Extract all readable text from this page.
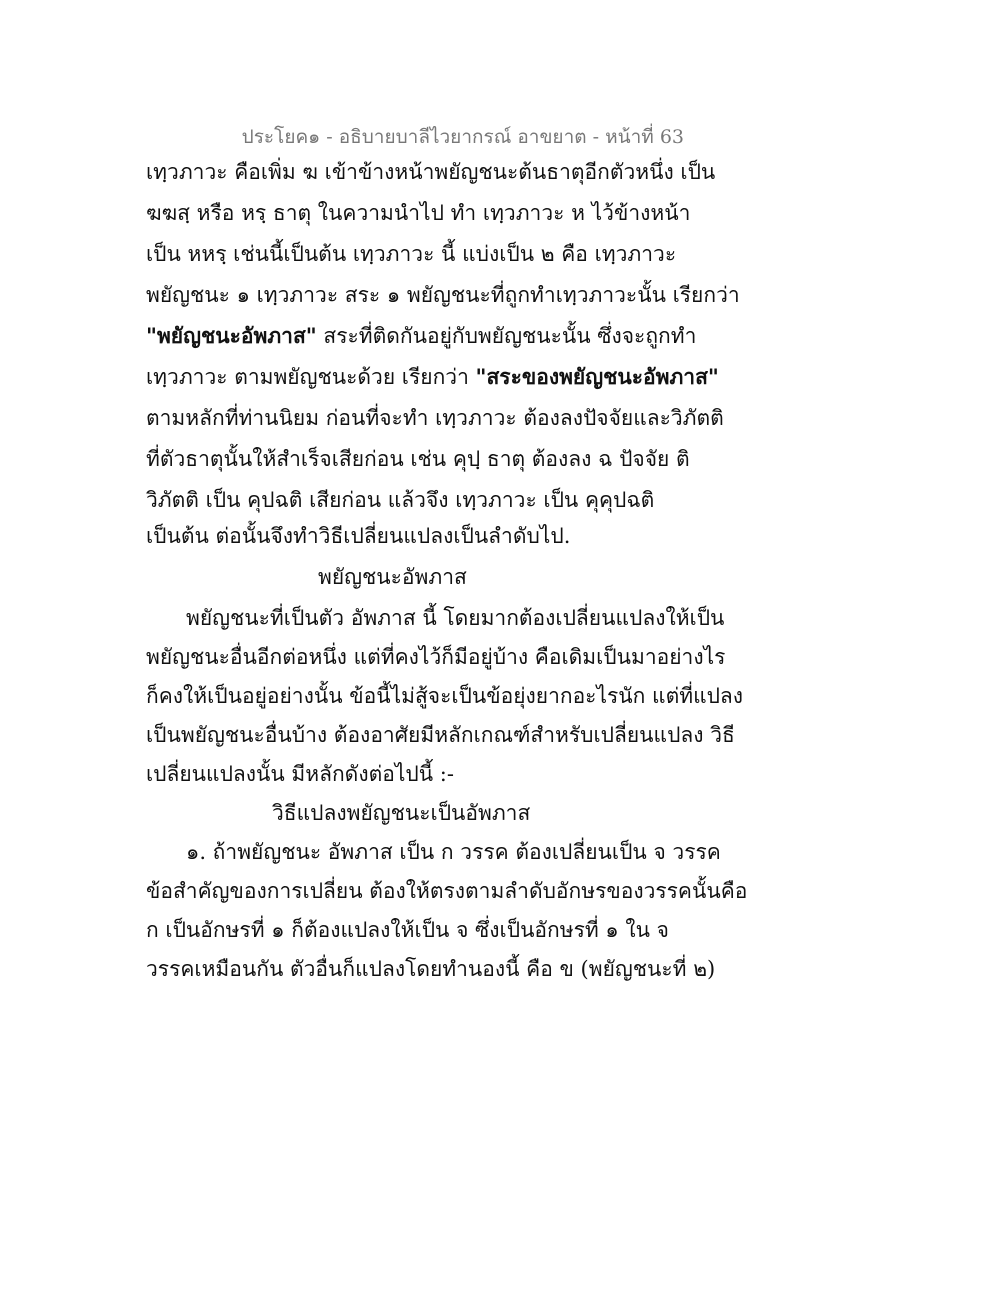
ประโยค๑ - อธิบายบาลีไวยากรณ์ อาขยาต - หน้าที่ 63
เทฺวภาวะ คือเพิ่ม ฆ เข้าข้างหน้าพยัญชนะต้นธาตุอีกตัวหนึ่ง เป็น
ฆฆสฺ หรือ หรฺ ธาตุ ในความนำไป ทำ เทฺวภาวะ ห ไว้ข้างหน้า
เป็น หหรฺ เช่นนี้เป็นต้น เทฺวภาวะ นี้ แบ่งเป็น ๒ คือ เทฺวภาวะ
พยัญชนะ ๑ เทฺวภาวะ สระ ๑ พยัญชนะที่ถูกทำเทฺวภาวะนั้น เรียกว่า
"พยัญชนะอัพภาส" สระที่ติดกันอยู่กับพยัญชนะนั้น ซึ่งจะถูกทำ
เทฺวภาวะ ตามพยัญชนะด้วย เรียกว่า "สระของพยัญชนะอัพภาส"
ตามหลักที่ท่านนิยม ก่อนที่จะทำ เทฺวภาวะ ต้องลงปัจจัยและวิภัตติ
ที่ตัวธาตุนั้นให้สำเร็จเสียก่อน เช่น คุปฺ ธาตุ ต้องลง ฉ ปัจจัย ติ
วิภัตติ เป็น คุปฉติ เสียก่อน แล้วจึง เทฺวภาวะ เป็น คุคุปฉติ
เป็นต้น ต่อนั้นจึงทำวิธีเปลี่ยนแปลงเป็นลำดับไป.
พยัญชนะอัพภาส
พยัญชนะที่เป็นตัว อัพภาส นี้ โดยมากต้องเปลี่ยนแปลงให้เป็น
พยัญชนะอื่นอีกต่อหนึ่ง แต่ที่คงไว้ก็มีอยู่บ้าง คือเดิมเป็นมาอย่างไร
ก็คงให้เป็นอยู่อย่างนั้น ข้อนี้ไม่สู้จะเป็นข้อยุ่งยากอะไรนัก แต่ที่แปลง
เป็นพยัญชนะอื่นบ้าง ต้องอาศัยมีหลักเกณฑ์สำหรับเปลี่ยนแปลง วิธี
เปลี่ยนแปลงนั้น มีหลักดังต่อไปนี้ :-
วิธีแปลงพยัญชนะเป็นอัพภาส
๑. ถ้าพยัญชนะ อัพภาส เป็น ก วรรค ต้องเปลี่ยนเป็น จ วรรค
ข้อสำคัญของการเปลี่ยน ต้องให้ตรงตามลำดับอักษรของวรรคนั้นคือ
ก เป็นอักษรที่ ๑ ก็ต้องแปลงให้เป็น จ ซึ่งเป็นอักษรที่ ๑ ใน จ
วรรคเหมือนกัน ตัวอื่นก็แปลงโดยทำนองนี้ คือ ข (พยัญชนะที่ ๒)
